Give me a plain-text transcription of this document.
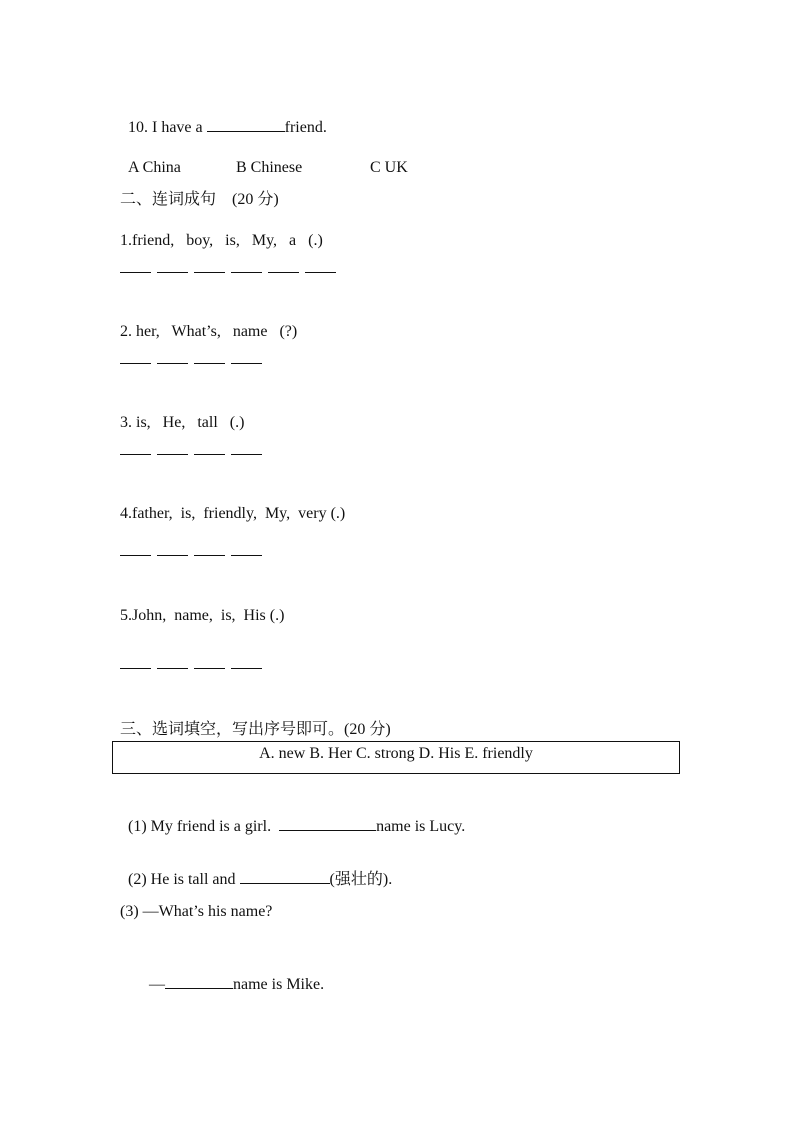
10. I have a	friend.

A China	B Chinese	C UK

二、连词成句　(20 分)
1.friend,   boy,   is,   My,   a   (.)
2. her,   What’s,   name   (?)
3. is,   He,   tall   (.)
4.father,  is,  friendly,  My,  very (.)
5.John,  name,  is,  His (.)
三、选词填空，写出序号即可。(20 分)
A. new B. Her C. strong D. His E. friendly

(1) My friend is a girl.	name is Lucy.

(2) He is tall and	(强壮的).

(3) —What’s his name?

—	name is Mike.
